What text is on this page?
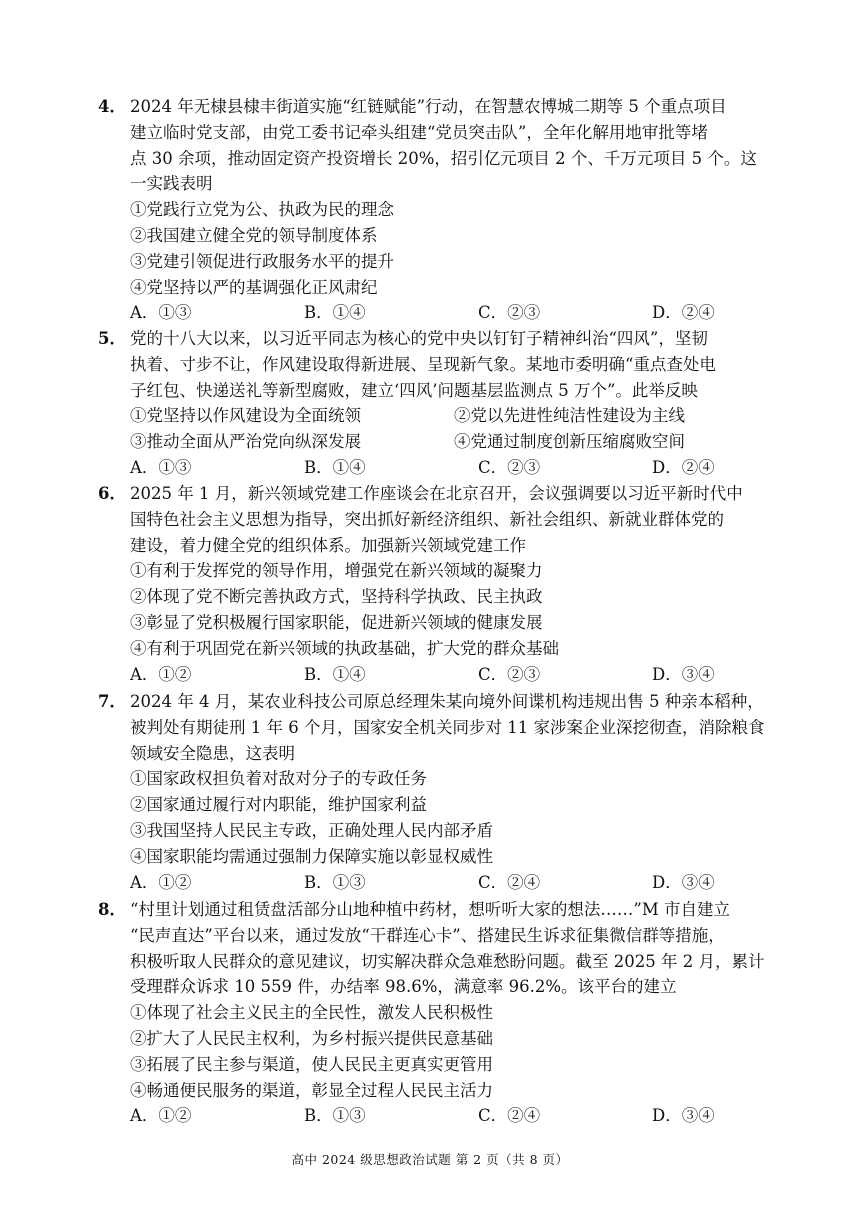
4． 2024 年无棣县棣丰街道实施“红链赋能”行动，在智慧农博城二期等 5 个重点项目
建立临时党支部，由党工委书记牵头组建“党员突击队”，全年化解用地审批等堵
点 30 余项，推动固定资产投资增长 20%，招引亿元项目 2 个、千万元项目 5 个。这
一实践表明
①党践行立党为公、执政为民的理念
②我国建立健全党的领导制度体系
③党建引领促进行政服务水平的提升
④党坚持以严的基调强化正风肃纪
A．①③	B．①④	C．②③	D．②④
5． 党的十八大以来，以习近平同志为核心的党中央以钉钉子精神纠治“四风”，坚韧
执着、寸步不让，作风建设取得新进展、呈现新气象。某地市委明确“重点查处电
子红包、快递送礼等新型腐败，建立‘四风’问题基层监测点 5 万个”。此举反映
①党坚持以作风建设为全面统领	②党以先进性纯洁性建设为主线
③推动全面从严治党向纵深发展	④党通过制度创新压缩腐败空间
A．①③	B．①④	C．②③	D．②④
6． 2025 年 1 月，新兴领域党建工作座谈会在北京召开，会议强调要以习近平新时代中
国特色社会主义思想为指导，突出抓好新经济组织、新社会组织、新就业群体党的
建设，着力健全党的组织体系。加强新兴领域党建工作
①有利于发挥党的领导作用，增强党在新兴领域的凝聚力
②体现了党不断完善执政方式，坚持科学执政、民主执政
③彰显了党积极履行国家职能，促进新兴领域的健康发展
④有利于巩固党在新兴领域的执政基础，扩大党的群众基础
A．①②	B．①④	C．②③	D．③④
7． 2024 年 4 月，某农业科技公司原总经理朱某向境外间谍机构违规出售 5 种亲本稻种，
被判处有期徒刑 1 年 6 个月，国家安全机关同步对 11 家涉案企业深挖彻查，消除粮食
领域安全隐患，这表明
①国家政权担负着对敌对分子的专政任务
②国家通过履行对内职能，维护国家利益
③我国坚持人民民主专政，正确处理人民内部矛盾
④国家职能均需通过强制力保障实施以彰显权威性
A．①②	B．①③	C．②④	D．③④
8． “村里计划通过租赁盘活部分山地种植中药材，想听听大家的想法……”M 市自建立
“民声直达”平台以来，通过发放“干群连心卡”、搭建民生诉求征集微信群等措施，
积极听取人民群众的意见建议，切实解决群众急难愁盼问题。截至 2025 年 2 月，累计
受理群众诉求 10 559 件，办结率 98.6%，满意率 96.2%。该平台的建立
①体现了社会主义民主的全民性，激发人民积极性
②扩大了人民民主权利，为乡村振兴提供民意基础
③拓展了民主参与渠道，使人民民主更真实更管用
④畅通便民服务的渠道，彰显全过程人民民主活力
A．①②	B．①③	C．②④	D．③④
高中 2024 级思想政治试题 第 2 页（共 8 页）
